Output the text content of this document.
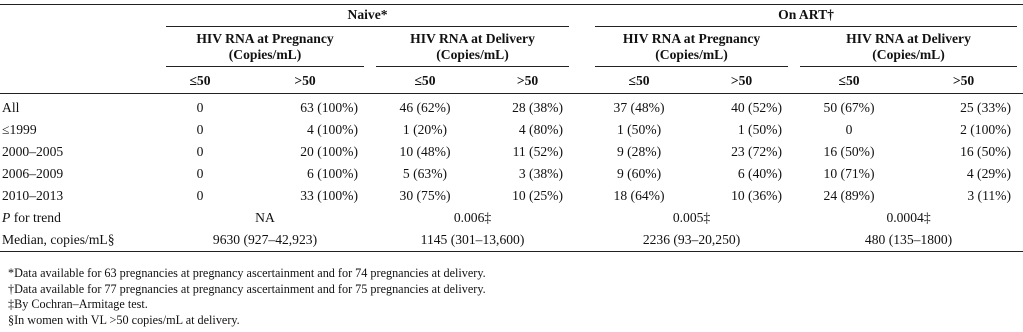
	Naive*					On ART†			

	HIV RNA at Pregnancy
(Copies/mL)		HIV RNA at Delivery
(Copies/mL)			HIV RNA at Pregnancy
(Copies/mL)		HIV RNA at Delivery
(Copies/mL)	

	≤50	>50	≤50	>50		≤50	>50	≤50	>50
All	0	63 (100%)	46 (62%)	28 (38%)		37 (48%)	40 (52%)	50 (67%)	25 (33%)
≤1999	0	4 (100%)	1 (20%)	4 (80%)		1 (50%)	1 (50%)	0	2 (100%)
2000–2005	0	20 (100%)	10 (48%)	11 (52%)		9 (28%)	23 (72%)	16 (50%)	16 (50%)
2006–2009	0	6 (100%)	5 (63%)	3 (38%)		9 (60%)	6 (40%)	10 (71%)	4 (29%)
2010–2013	0	33 (100%)	30 (75%)	10 (25%)		18 (64%)	10 (36%)	24 (89%)	3 (11%)
P for trend	NA		0.006‡			0.005‡		0.0004‡	
Median, copies/mL§	9630 (927–42,923)		1145 (301–13,600)			2236 (93–20,250)		480 (135–1800)	
*Data available for 63 pregnancies at pregnancy ascertainment and for 74 pregnancies at delivery.
†Data available for 77 pregnancies at pregnancy ascertainment and for 75 pregnancies at delivery.
‡By Cochran–Armitage test.
§In women with VL >50 copies/mL at delivery.
